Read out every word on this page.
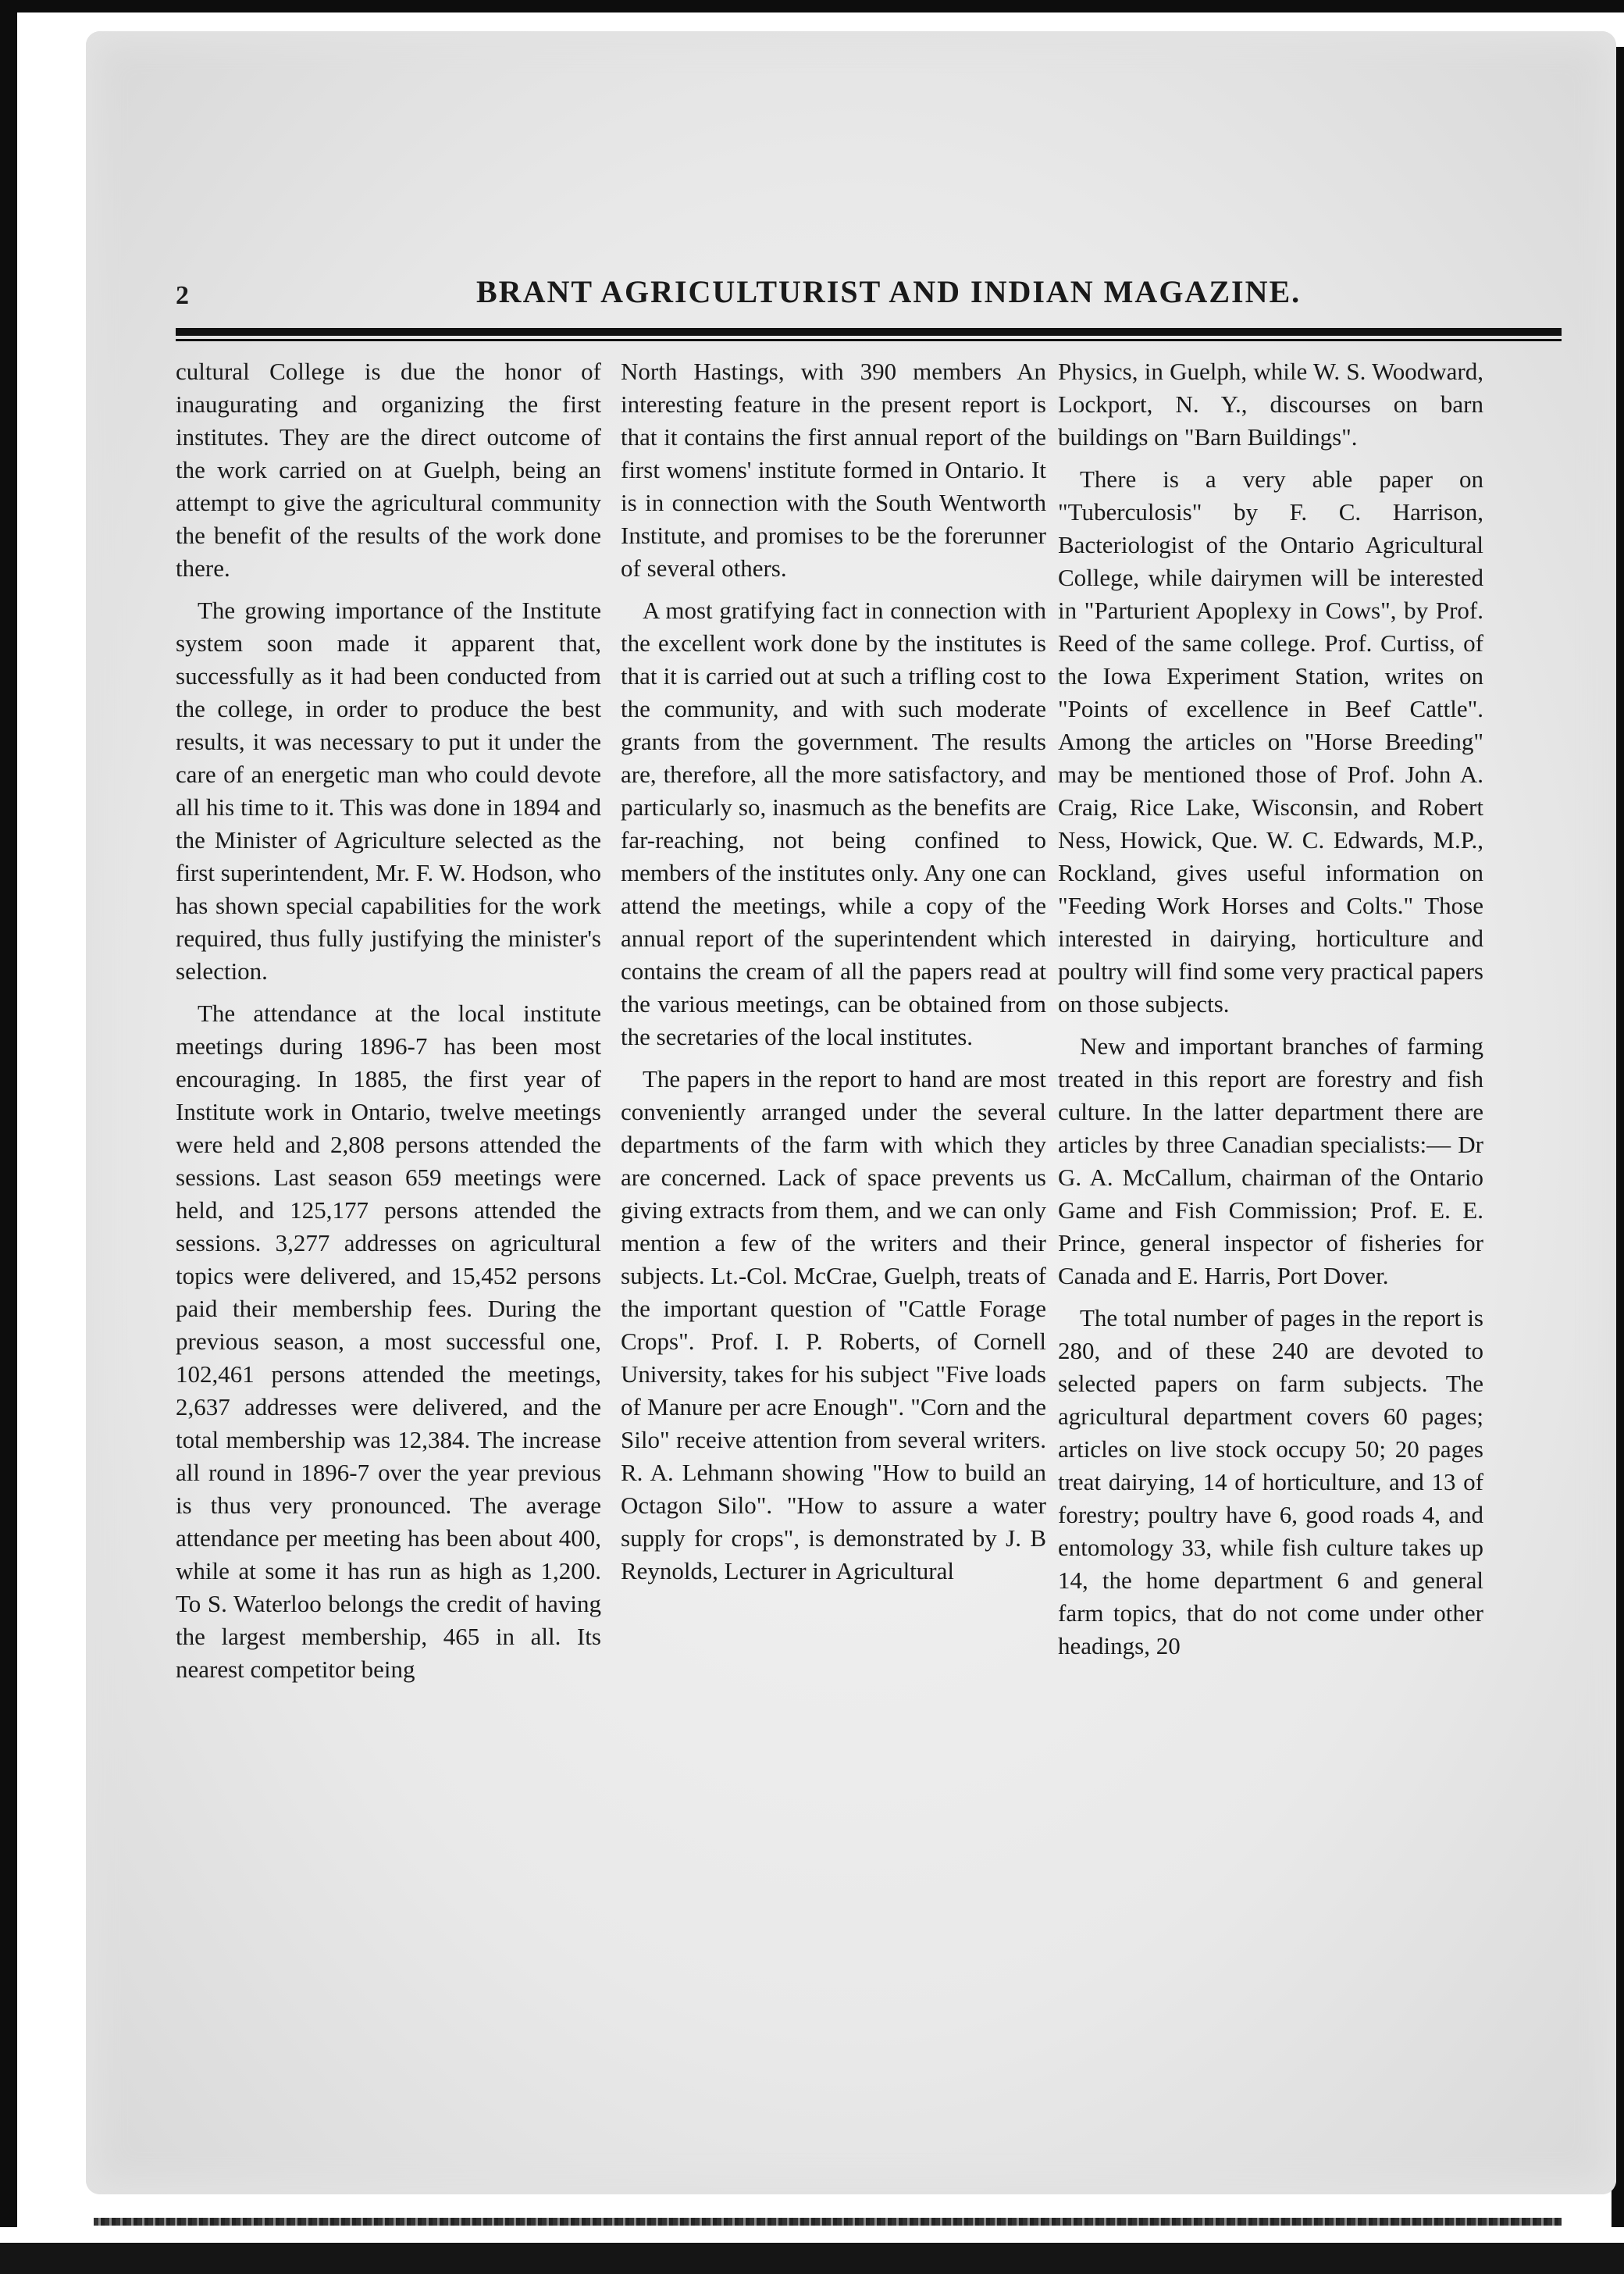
2	BRANT AGRICULTURIST AND INDIAN MAGAZINE.

cultural College is due the honor of inaugurating and organizing the first institutes. They are the direct outcome of the work carried on at Guelph, being an attempt to give the agricultural community the benefit of the results of the work done there.

The growing importance of the Institute system soon made it apparent that, successfully as it had been conducted from the college, in order to produce the best results, it was necessary to put it under the care of an energetic man who could devote all his time to it. This was done in 1894 and the Minister of Agriculture selected as the first superintendent, Mr. F. W. Hodson, who has shown special capabilities for the work required, thus fully justifying the minister's selection.

The attendance at the local institute meetings during 1896-7 has been most encouraging. In 1885, the first year of Institute work in Ontario, twelve meetings were held and 2,808 persons attended the sessions. Last season 659 meetings were held, and 125,177 persons attended the sessions. 3,277 addresses on agricultural topics were delivered, and 15,452 persons paid their membership fees. During the previous season, a most successful one, 102,461 persons attended the meetings, 2,637 addresses were delivered, and the total membership was 12,384. The increase all round in 1896-7 over the year previous is thus very pronounced. The average attendance per meeting has been about 400, while at some it has run as high as 1,200. To S. Waterloo belongs the credit of having the largest membership, 465 in all. Its nearest competitor being

North Hastings, with 390 members An interesting feature in the present report is that it contains the first annual report of the first womens' institute formed in Ontario. It is in connection with the South Wentworth Institute, and promises to be the forerunner of several others.

A most gratifying fact in connection with the excellent work done by the institutes is that it is carried out at such a trifling cost to the community, and with such moderate grants from the government. The results are, therefore, all the more satisfactory, and particularly so, inasmuch as the benefits are far-reaching, not being confined to members of the institutes only. Any one can attend the meetings, while a copy of the annual report of the superintendent which contains the cream of all the papers read at the various meetings, can be obtained from the secretaries of the local institutes.

The papers in the report to hand are most conveniently arranged under the several departments of the farm with which they are concerned. Lack of space prevents us giving extracts from them, and we can only mention a few of the writers and their subjects. Lt.-Col. McCrae, Guelph, treats of the important question of "Cattle Forage Crops". Prof. I. P. Roberts, of Cornell University, takes for his subject "Five loads of Manure per acre Enough". "Corn and the Silo" receive attention from several writers. R. A. Lehmann showing "How to build an Octagon Silo". "How to assure a water supply for crops", is demonstrated by J. B Reynolds, Lecturer in Agricultural

Physics, in Guelph, while W. S. Woodward, Lockport, N. Y., discourses on barn buildings on "Barn Buildings".

There is a very able paper on "Tuberculosis" by F. C. Harrison, Bacteriologist of the Ontario Agricultural College, while dairymen will be interested in "Parturient Apoplexy in Cows", by Prof. Reed of the same college. Prof. Curtiss, of the Iowa Experiment Station, writes on "Points of excellence in Beef Cattle". Among the articles on "Horse Breeding" may be mentioned those of Prof. John A. Craig, Rice Lake, Wisconsin, and Robert Ness, Howick, Que. W. C. Edwards, M.P., Rockland, gives useful information on "Feeding Work Horses and Colts." Those interested in dairying, horticulture and poultry will find some very practical papers on those subjects.

New and important branches of farming treated in this report are forestry and fish culture. In the latter department there are articles by three Canadian specialists:— Dr G. A. McCallum, chairman of the Ontario Game and Fish Commission; Prof. E. E. Prince, general inspector of fisheries for Canada and E. Harris, Port Dover.

The total number of pages in the report is 280, and of these 240 are devoted to selected papers on farm subjects. The agricultural department covers 60 pages; articles on live stock occupy 50; 20 pages treat dairying, 14 of horticulture, and 13 of forestry; poultry have 6, good roads 4, and entomology 33, while fish culture takes up 14, the home department 6 and general farm topics, that do not come under other headings, 20
